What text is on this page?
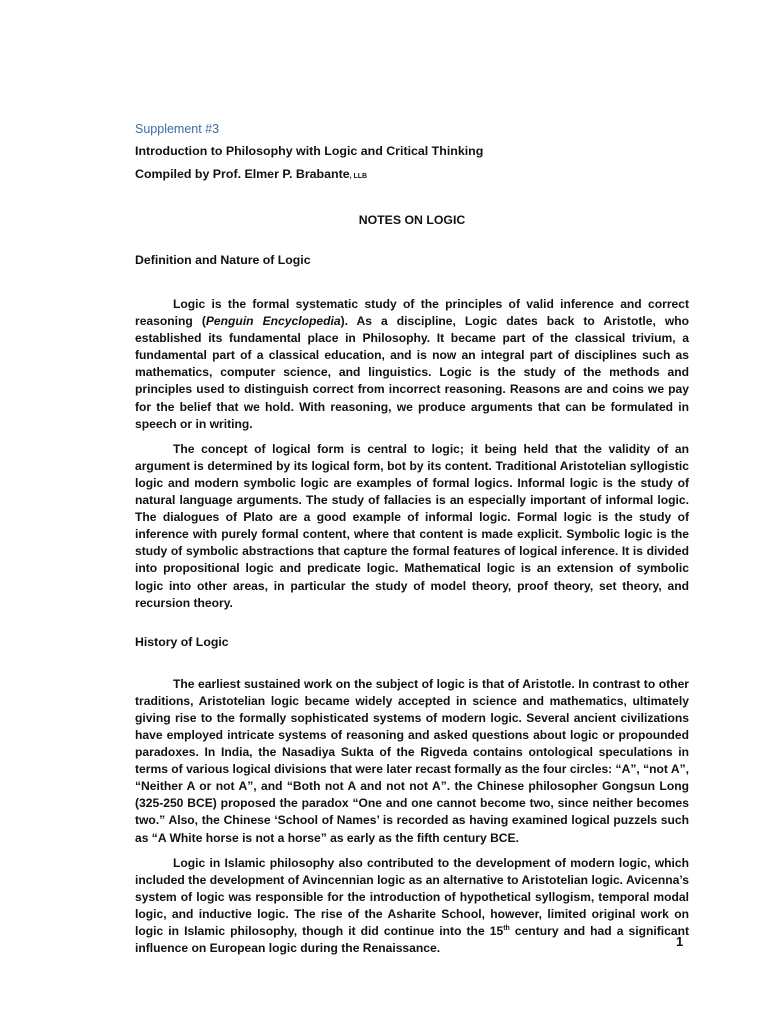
Supplement #3
Introduction to Philosophy with Logic and Critical Thinking
Compiled by Prof. Elmer P. Brabante, LLB
NOTES ON LOGIC
Definition and Nature of Logic

Logic is the formal systematic study of the principles of valid inference and correct reasoning (Penguin Encyclopedia). As a discipline, Logic dates back to Aristotle, who established its fundamental place in Philosophy. It became part of the classical trivium, a fundamental part of a classical education, and is now an integral part of disciplines such as mathematics, computer science, and linguistics. Logic is the study of the methods and principles used to distinguish correct from incorrect reasoning. Reasons are and coins we pay for the belief that we hold. With reasoning, we produce arguments that can be formulated in speech or in writing.

The concept of logical form is central to logic; it being held that the validity of an argument is determined by its logical form, bot by its content. Traditional Aristotelian syllogistic logic and modern symbolic logic are examples of formal logics. Informal logic is the study of natural language arguments. The study of fallacies is an especially important of informal logic. The dialogues of Plato are a good example of informal logic. Formal logic is the study of inference with purely formal content, where that content is made explicit. Symbolic logic is the study of symbolic abstractions that capture the formal features of logical inference. It is divided into propositional logic and predicate logic. Mathematical logic is an extension of symbolic logic into other areas, in particular the study of model theory, proof theory, set theory, and recursion theory.

History of Logic

The earliest sustained work on the subject of logic is that of Aristotle. In contrast to other traditions, Aristotelian logic became widely accepted in science and mathematics, ultimately giving rise to the formally sophisticated systems of modern logic. Several ancient civilizations have employed intricate systems of reasoning and asked questions about logic or propounded paradoxes. In India, the Nasadiya Sukta of the Rigveda contains ontological speculations in terms of various logical divisions that were later recast formally as the four circles: “A”, “not A”, “Neither A or not A”, and “Both not A and not not A”. the Chinese philosopher Gongsun Long (325-250 BCE) proposed the paradox “One and one cannot become two, since neither becomes two.” Also, the Chinese ‘School of Names’ is recorded as having examined logical puzzels such as “A White horse is not a horse” as early as the fifth century BCE.

Logic in Islamic philosophy also contributed to the development of modern logic, which included the development of Avincennian logic as an alternative to Aristotelian logic. Avicenna’s system of logic was responsible for the introduction of hypothetical syllogism, temporal modal logic, and inductive logic. The rise of the Asharite School, however, limited original work on logic in Islamic philosophy, though it did continue into the 15th century and had a significant influence on European logic during the Renaissance.	1
